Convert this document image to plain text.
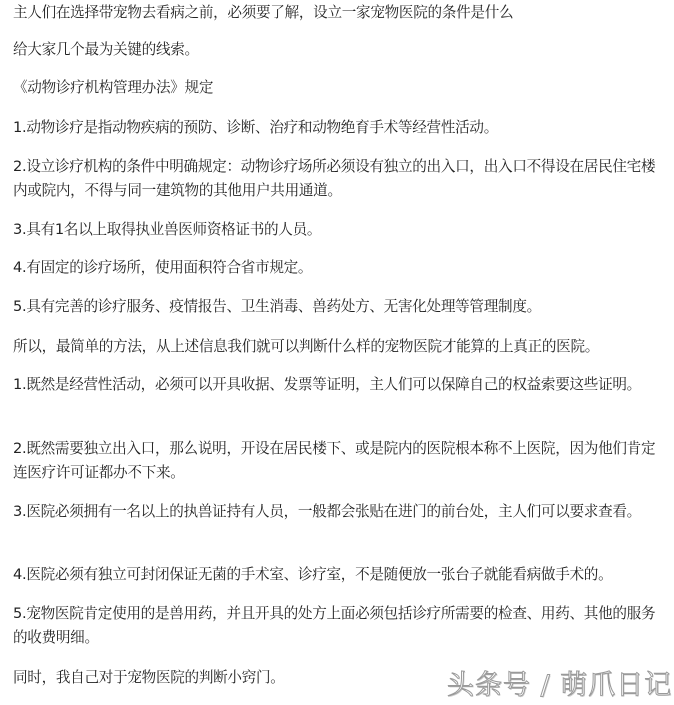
主人们在选择带宠物去看病之前，必须要了解，设立一家宠物医院的条件是什么

给大家几个最为关键的线索。

《动物诊疗机构管理办法》规定

1.动物诊疗是指动物疾病的预防、诊断、治疗和动物绝育手术等经营性活动。

2.设立诊疗机构的条件中明确规定：动物诊疗场所必须设有独立的出入口，出入口不得设在居民住宅楼内或院内，不得与同一建筑物的其他用户共用通道。

3.具有1名以上取得执业兽医师资格证书的人员。

4.有固定的诊疗场所，使用面积符合省市规定。

5.具有完善的诊疗服务、疫情报告、卫生消毒、兽药处方、无害化处理等管理制度。

所以，最简单的方法，从上述信息我们就可以判断什么样的宠物医院才能算的上真正的医院。

1.既然是经营性活动，必须可以开具收据、发票等证明，主人们可以保障自己的权益索要这些证明。

2.既然需要独立出入口，那么说明，开设在居民楼下、或是院内的医院根本称不上医院，因为他们肯定连医疗许可证都办不下来。

3.医院必须拥有一名以上的执兽证持有人员，一般都会张贴在进门的前台处，主人们可以要求查看。

4.医院必须有独立可封闭保证无菌的手术室、诊疗室，不是随便放一张台子就能看病做手术的。

5.宠物医院肯定使用的是兽用药，并且开具的处方上面必须包括诊疗所需要的检查、用药、其他的服务的收费明细。

同时，我自己对于宠物医院的判断小窍门。	头条号 / 萌爪日记
